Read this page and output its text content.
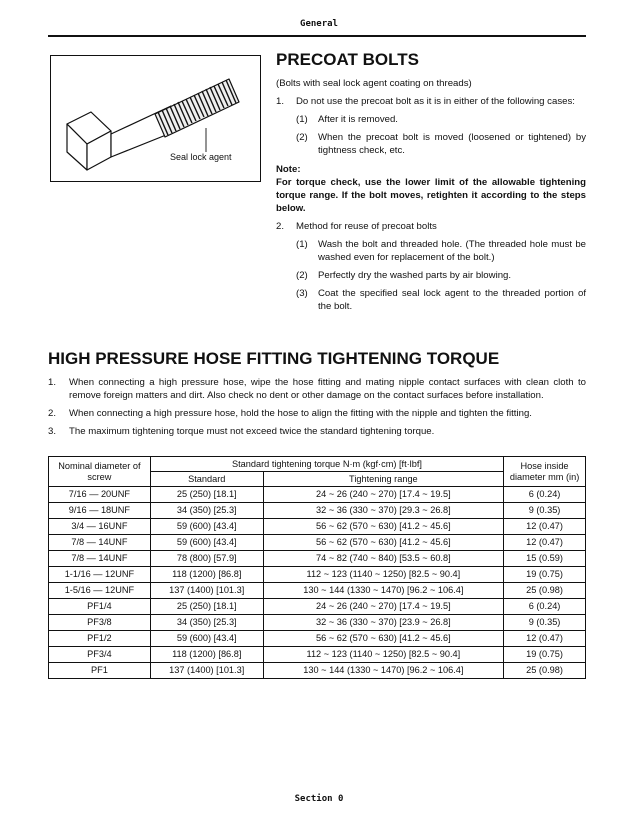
General
Seal lock agent
PRECOAT BOLTS
(Bolts with seal lock agent coating on threads)
1.	Do not use the precoat bolt as it is in either of the following cases:
(1)	After it is removed.
(2)	When the precoat bolt is moved (loosened or tightened) by tightness check, etc.
Note:
For torque check, use the lower limit of the allowable tightening torque range. If the bolt moves, retighten it according to the steps below.
2.	Method for reuse of precoat bolts
(1)	Wash the bolt and threaded hole. (The threaded hole must be washed even for replacement of the bolt.)
(2)	Perfectly dry the washed parts by air blowing.
(3)	Coat the specified seal lock agent to the threaded portion of the bolt.
HIGH PRESSURE HOSE FITTING TIGHTENING TORQUE
1.	When connecting a high pressure hose, wipe the hose fitting and mating nipple contact surfaces with clean cloth to remove foreign matters and dirt. Also check no dent or other damage on the contact surfaces before installation.
2.	When connecting a high pressure hose, hold the hose to align the fitting with the nipple and tighten the fitting.
3.	The maximum tightening torque must not exceed twice the standard tightening torque.
Nominal diameter of screw	Standard tightening torque N·m (kgf·cm) [ft·lbf]		Hose inside diameter mm (in)
	Standard	Tightening range	
7/16 — 20UNF	25 (250) [18.1]	24 ~ 26 (240 ~ 270) [17.4 ~ 19.5]	6 (0.24)
9/16 — 18UNF	34 (350) [25.3]	32 ~ 36 (330 ~ 370) [29.3 ~ 26.8]	9 (0.35)
3/4 — 16UNF	59 (600) [43.4]	56 ~ 62 (570 ~ 630) [41.2 ~ 45.6]	12 (0.47)
7/8 — 14UNF	59 (600) [43.4]	56 ~ 62 (570 ~ 630) [41.2 ~ 45.6]	12 (0.47)
7/8 — 14UNF	78 (800) [57.9]	74 ~ 82 (740 ~ 840) [53.5 ~ 60.8]	15 (0.59)
1-1/16 — 12UNF	118 (1200) [86.8]	112 ~ 123 (1140 ~ 1250) [82.5 ~ 90.4]	19 (0.75)
1-5/16 — 12UNF	137 (1400) [101.3]	130 ~ 144 (1330 ~ 1470) [96.2 ~ 106.4]	25 (0.98)
PF1/4	25 (250) [18.1]	24 ~ 26 (240 ~ 270) [17.4 ~ 19.5]	6 (0.24)
PF3/8	34 (350) [25.3]	32 ~ 36 (330 ~ 370) [23.9 ~ 26.8]	9 (0.35)
PF1/2	59 (600) [43.4]	56 ~ 62 (570 ~ 630) [41.2 ~ 45.6]	12 (0.47)
PF3/4	118 (1200) [86.8]	112 ~ 123 (1140 ~ 1250) [82.5 ~ 90.4]	19 (0.75)
PF1	137 (1400) [101.3]	130 ~ 144 (1330 ~ 1470) [96.2 ~ 106.4]	25 (0.98)
Section 0
